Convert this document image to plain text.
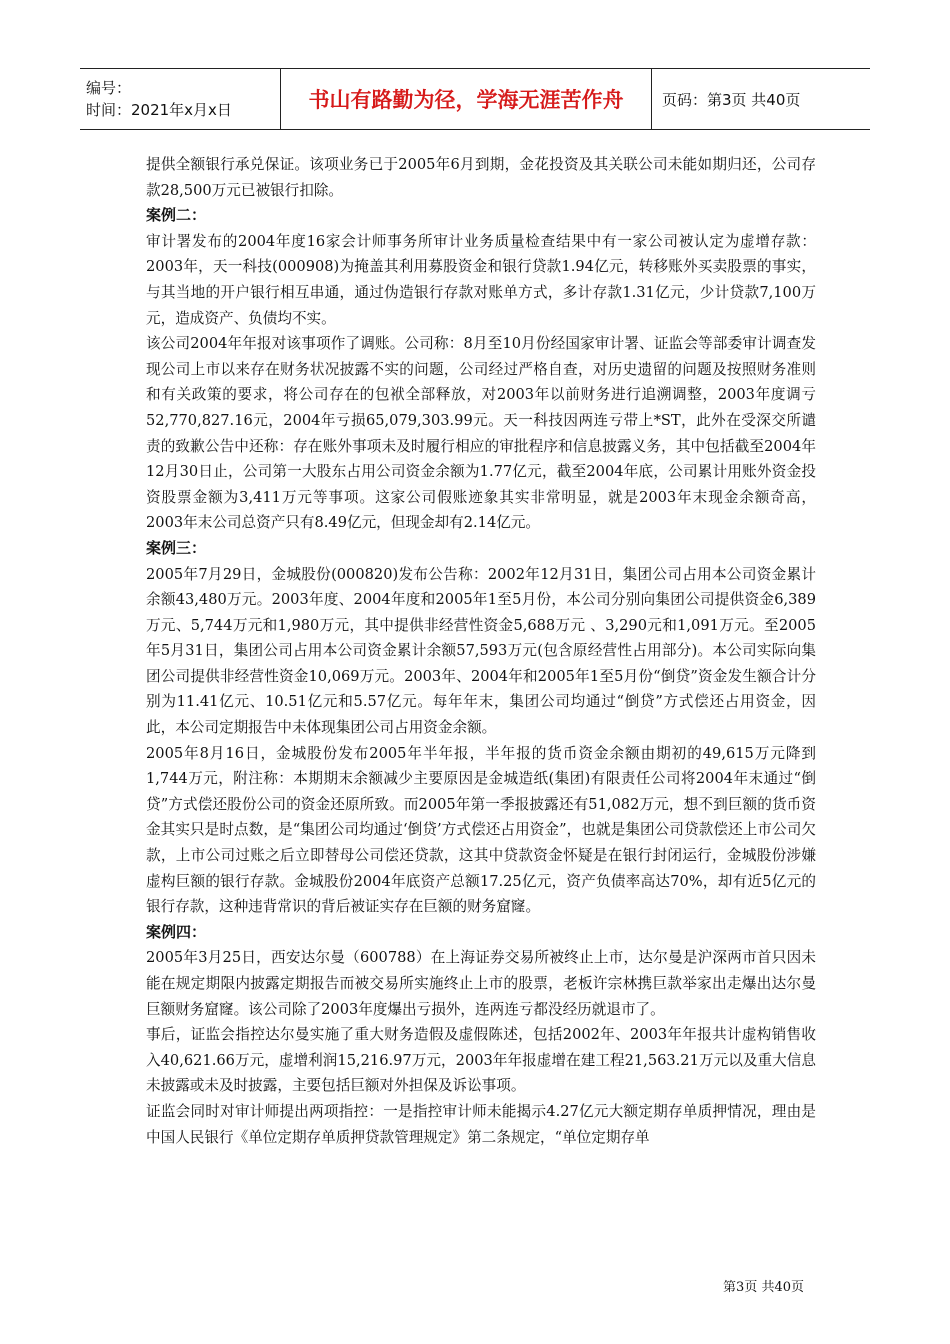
编号：
时间：2021年x月x日	书山有路勤为径，学海无涯苦作舟	页码：第3页 共40页

提供全额银行承兑保证。该项业务已于2005年6月到期，金花投资及其关联公司未能如期归还，公司存款28,500万元已被银行扣除。

案例二：

审计署发布的2004年度16家会计师事务所审计业务质量检查结果中有一家公司被认定为虚增存款：2003年，天一科技(000908)为掩盖其利用募股资金和银行贷款1.94亿元，转移账外买卖股票的事实，与其当地的开户银行相互串通，通过伪造银行存款对账单方式，多计存款1.31亿元，少计贷款7,100万元，造成资产、负债均不实。

该公司2004年年报对该事项作了调账。公司称：8月至10月份经国家审计署、证监会等部委审计调查发现公司上市以来存在财务状况披露不实的问题，公司经过严格自查，对历史遗留的问题及按照财务准则和有关政策的要求，将公司存在的包袱全部释放，对2003年以前财务进行追溯调整，2003年度调亏52,770,827.16元，2004年亏损65,079,303.99元。天一科技因两连亏带上*ST，此外在受深交所谴责的致歉公告中还称：存在账外事项未及时履行相应的审批程序和信息披露义务，其中包括截至2004年12月30日止，公司第一大股东占用公司资金余额为1.77亿元，截至2004年底，公司累计用账外资金投资股票金额为3,411万元等事项。这家公司假账迹象其实非常明显，就是2003年末现金余额奇高，2003年末公司总资产只有8.49亿元，但现金却有2.14亿元。

案例三：

2005年7月29日，金城股份(000820)发布公告称：2002年12月31日，集团公司占用本公司资金累计余额43,480万元。2003年度、2004年度和2005年1至5月份，本公司分别向集团公司提供资金6,389万元、5,744万元和1,980万元，其中提供非经营性资金5,688万元 、3,290元和1,091万元。至2005年5月31日，集团公司占用本公司资金累计余额57,593万元(包含原经营性占用部分)。本公司实际向集团公司提供非经营性资金10,069万元。2003年、2004年和2005年1至5月份“倒贷”资金发生额合计分别为11.41亿元、10.51亿元和5.57亿元。每年年末，集团公司均通过“倒贷”方式偿还占用资金，因此，本公司定期报告中未体现集团公司占用资金余额。

2005年8月16日，金城股份发布2005年半年报，半年报的货币资金余额由期初的49,615万元降到1,744万元，附注称：本期期末余额减少主要原因是金城造纸(集团)有限责任公司将2004年末通过“倒贷”方式偿还股份公司的资金还原所致。而2005年第一季报披露还有51,082万元，想不到巨额的货币资金其实只是时点数，是“集团公司均通过‘倒贷’方式偿还占用资金”，也就是集团公司贷款偿还上市公司欠款，上市公司过账之后立即替母公司偿还贷款，这其中贷款资金怀疑是在银行封闭运行，金城股份涉嫌虚构巨额的银行存款。金城股份2004年底资产总额17.25亿元，资产负债率高达70%，却有近5亿元的银行存款，这种违背常识的背后被证实存在巨额的财务窟窿。

案例四：

2005年3月25日，西安达尔曼（600788）在上海证券交易所被终止上市，达尔曼是沪深两市首只因未能在规定期限内披露定期报告而被交易所实施终止上市的股票，老板许宗林携巨款举家出走爆出达尔曼巨额财务窟窿。该公司除了2003年度爆出亏损外，连两连亏都没经历就退市了。

事后，证监会指控达尔曼实施了重大财务造假及虚假陈述，包括2002年、2003年年报共计虚构销售收入40,621.66万元，虚增利润15,216.97万元，2003年年报虚增在建工程21,563.21万元以及重大信息未披露或未及时披露，主要包括巨额对外担保及诉讼事项。

证监会同时对审计师提出两项指控：一是指控审计师未能揭示4.27亿元大额定期存单质押情况，理由是中国人民银行《单位定期存单质押贷款管理规定》第二条规定，“单位定期存单

第3页 共40页
